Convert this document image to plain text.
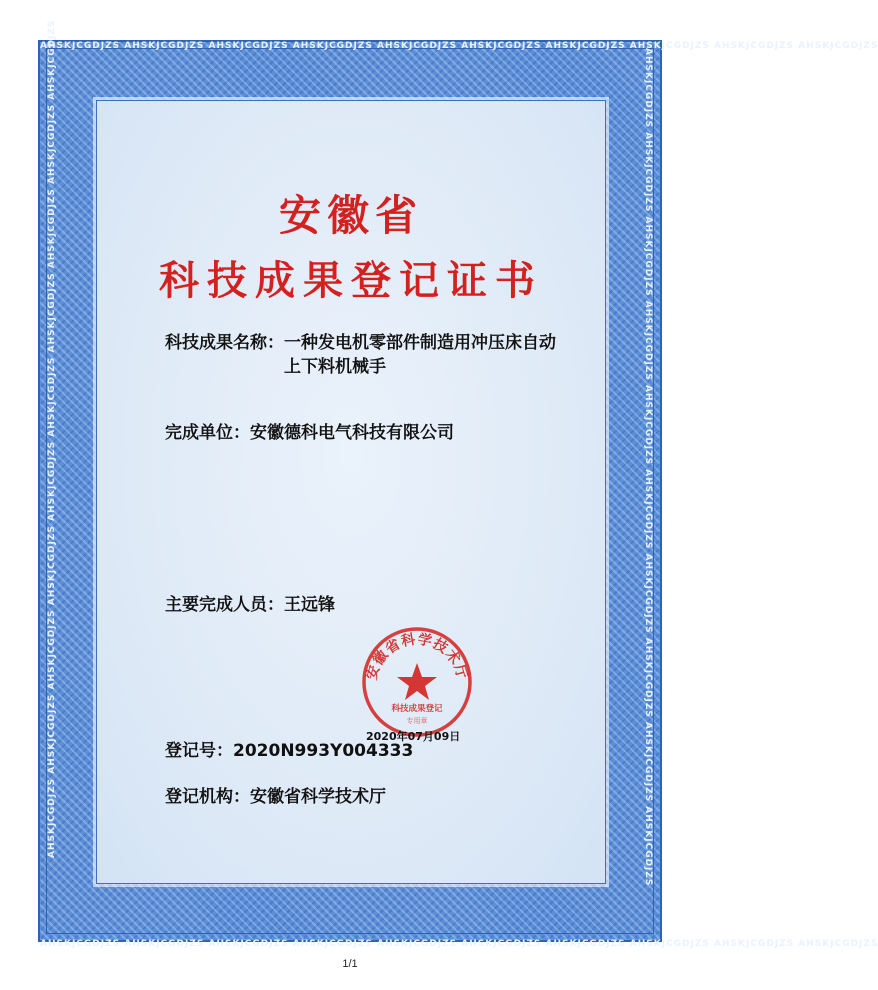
AHSKJCGDJZS AHSKJCGDJZS AHSKJCGDJZS AHSKJCGDJZS AHSKJCGDJZS AHSKJCGDJZS AHSKJCGDJZS AHSKJCGDJZS AHSKJCGDJZS AHSKJCGDJZS
AHSKJCGDJZS AHSKJCGDJZS AHSKJCGDJZS AHSKJCGDJZS AHSKJCGDJZS AHSKJCGDJZS AHSKJCGDJZS AHSKJCGDJZS AHSKJCGDJZS AHSKJCGDJZS
AHSKJCGDJZS AHSKJCGDJZS AHSKJCGDJZS AHSKJCGDJZS AHSKJCGDJZS AHSKJCGDJZS AHSKJCGDJZS AHSKJCGDJZS AHSKJCGDJZS AHSKJCGDJZS	AHSKJCGDJZS AHSKJCGDJZS AHSKJCGDJZS AHSKJCGDJZS AHSKJCGDJZS AHSKJCGDJZS AHSKJCGDJZS AHSKJCGDJZS AHSKJCGDJZS AHSKJCGDJZS
安徽省
科技成果登记证书
科技成果名称：一种发电机零部件制造用冲压床自动
上下料机械手
完成单位：安徽德科电气科技有限公司
主要完成人员：王远锋
登记号：2020N993Y004333
登记机构：安徽省科学技术厅
安徽省科学技术厅
科技成果登记
专用章
2020年07月09日
1/1
